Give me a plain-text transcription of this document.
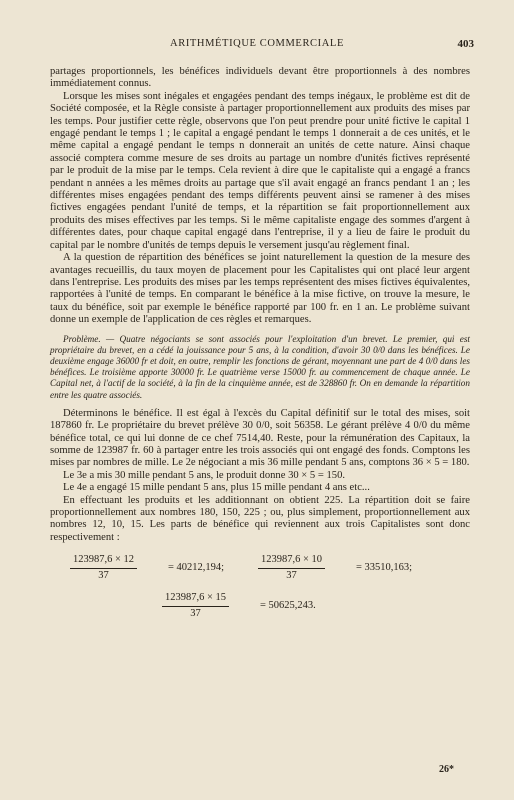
ARITHMÉTIQUE COMMERCIALE	403

partages proportionnels, les bénéfices individuels devant être proportionnels à des nombres immédiatement connus.

Lorsque les mises sont inégales et engagées pendant des temps inégaux, le problème est dit de Société composée, et la Règle consiste à partager proportionnellement aux produits des mises par les temps. Pour justifier cette règle, observons que l'on peut prendre pour unité fictive le capital 1 engagé pendant le temps 1 ; le capital a engagé pendant le temps 1 donnerait a de ces unités, et le même capital a engagé pendant le temps n donnerait an unités de cette nature. Ainsi chaque associé comptera comme mesure de ses droits au partage un nombre d'unités fictives représenté par le produit de la mise par le temps. Cela revient à dire que le capitaliste qui a engagé a francs pendant n années a les mêmes droits au partage que s'il avait engagé an francs pendant 1 an ; les différentes mises engagées pendant des temps différents peuvent ainsi se ramener à des mises fictives engagées pendant l'unité de temps, et la répartition se fait proportionnellement aux produits des mises effectives par les temps. Si le même capitaliste engage des sommes d'argent à différentes dates, pour chaque capital engagé dans l'entreprise, il y a lieu de faire le produit du capital par le nombre d'unités de temps depuis le versement jusqu'au règlement final.

A la question de répartition des bénéfices se joint naturellement la question de la mesure des avantages recueillis, du taux moyen de placement pour les Capitalistes qui ont placé leur argent dans l'entreprise. Les produits des mises par les temps représentent des mises fictives équivalentes, rapportées à l'unité de temps. En comparant le bénéfice à la mise fictive, on trouve la mesure, le taux du bénéfice, soit par exemple le bénéfice rapporté par 100 fr. en 1 an. Le problème suivant donne un exemple de l'application de ces règles et remarques.

Problème. — Quatre négociants se sont associés pour l'exploitation d'un brevet. Le premier, qui est propriétaire du brevet, en a cédé la jouissance pour 5 ans, à la condition, d'avoir 30 0/0 dans les bénéfices. Le deuxième engage 36000 fr et doit, en outre, remplir les fonctions de gérant, moyennant une part de 4 0/0 dans les bénéfices. Le troisième apporte 30000 fr. Le quatrième verse 15000 fr. au commencement de chaque année. Le Capital net, à l'actif de la société, à la fin de la cinquième année, est de 328860 fr. On en demande la répartition entre les quatre associés.

Déterminons le bénéfice. Il est égal à l'excès du Capital définitif sur le total des mises, soit 187860 fr. Le propriétaire du brevet prélève 30 0/0, soit 56358. Le gérant prélève 4 0/0 du même bénéfice total, ce qui lui donne de ce chef 7514,40. Reste, pour la rémunération des Capitaux, la somme de 123987 fr. 60 à partager entre les trois associés qui ont engagé des fonds. Comptons les mises par nombres de mille. Le 2e négociant a mis 36 mille pendant 5 ans, comptons 36 × 5 = 180.

Le 3e a mis 30 mille pendant 5 ans, le produit donne 30 × 5 = 150.

Le 4e a engagé 15 mille pendant 5 ans, plus 15 mille pendant 4 ans etc...

En effectuant les produits et les additionnant on obtient 225. La répartition doit se faire proportionnellement aux nombres 180, 150, 225 ; ou, plus simplement, proportionnellement aux nombres 12, 10, 15. Les parts de bénéfice qui reviennent aux trois Capitalistes sont donc respectivement :

$\frac{123987,6 \times 12}{37}$	= 40212,194;	$\frac{123987,6 \times 10}{37}$	= 33510,163;
$\frac{123987,6 \times 15}{37}$	= 50625,243.
26*
